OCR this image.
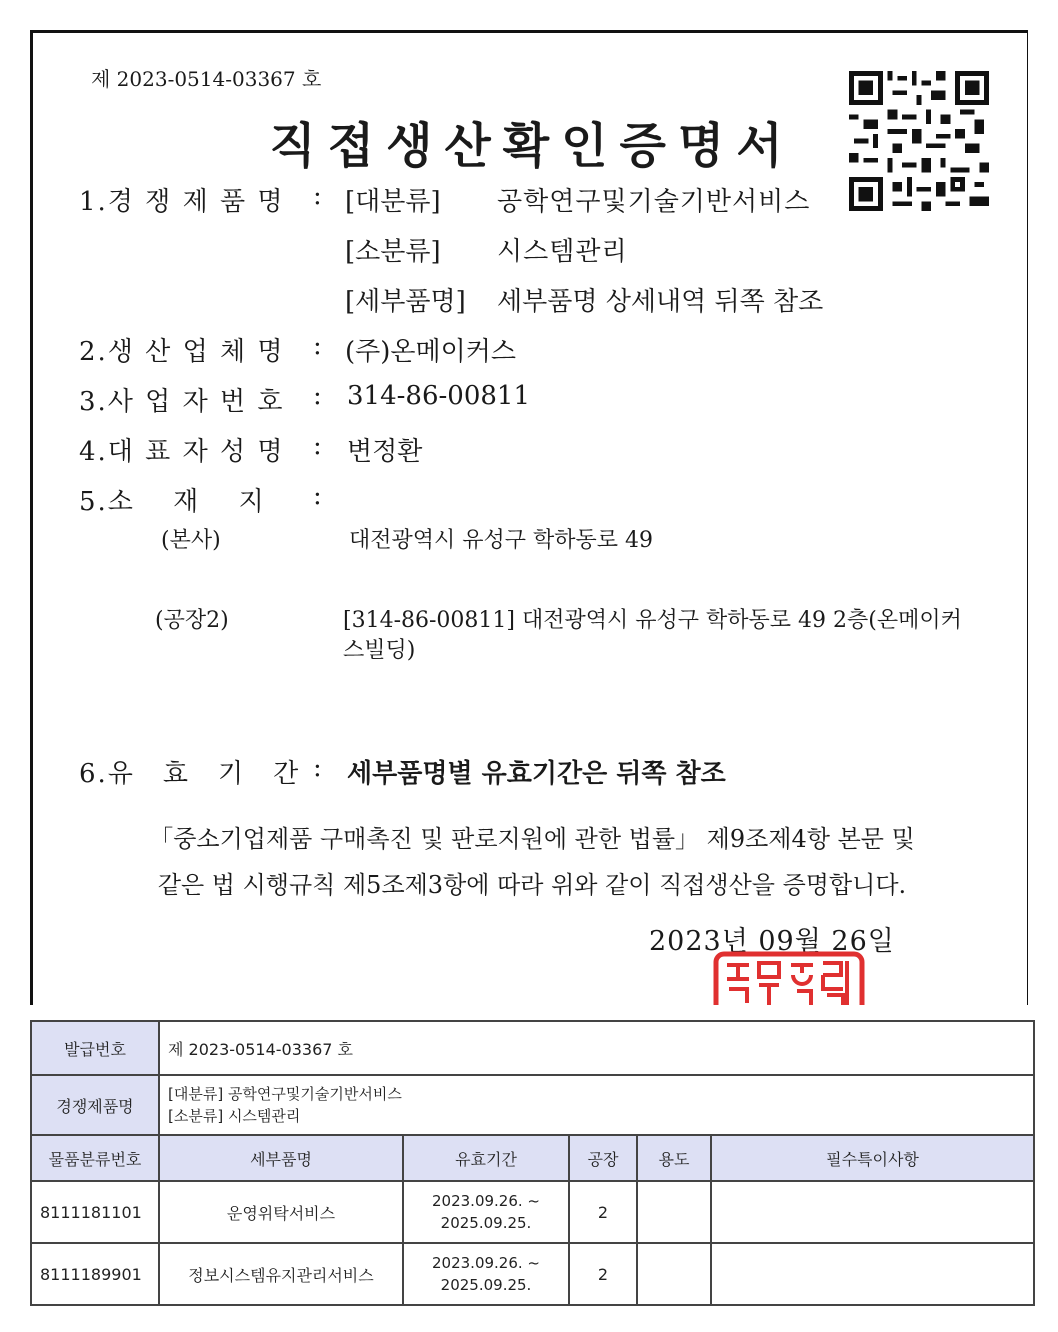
제 2023-0514-03367 호
직접생산확인증명서
1.경 쟁 제 품 명 : [대분류] 공학연구및기술기반서비스
[소분류] 시스템관리
[세부품명] 세부품명 상세내역 뒤쪽 참조
2.생 산 업 체 명 : (주)온메이커스
3.사 업 자 번 호 : 314-86-00811
4.대 표 자 성 명 : 변정환
5.소　 재 　지 :
(본사)	대전광역시 유성구 학하동로 49
(공장2)	[314-86-00811] 대전광역시 유성구 학하동로 49 2층(온메이커
스빌딩)
6.유　효　기　간 : 세부품명별 유효기간은 뒤쪽 참조
「중소기업제품 구매촉진 및 판로지원에 관한 법률」 제9조제4항 본문 및
같은 법 시행규칙 제5조제3항에 따라 위와 같이 직접생산을 증명합니다.
2023년 09월 26일
발급번호	제 2023-0514-03367 호				
경쟁제품명	[대분류] 공학연구및기술기반서비스
[소분류] 시스템관리				

물품분류번호	세부품명	유효기간	공장	용도	필수특이사항
8111181101	운영위탁서비스	2023.09.26. ~
2025.09.25.	2		
8111189901	정보시스템유지관리서비스	2023.09.26. ~
2025.09.25.	2		
